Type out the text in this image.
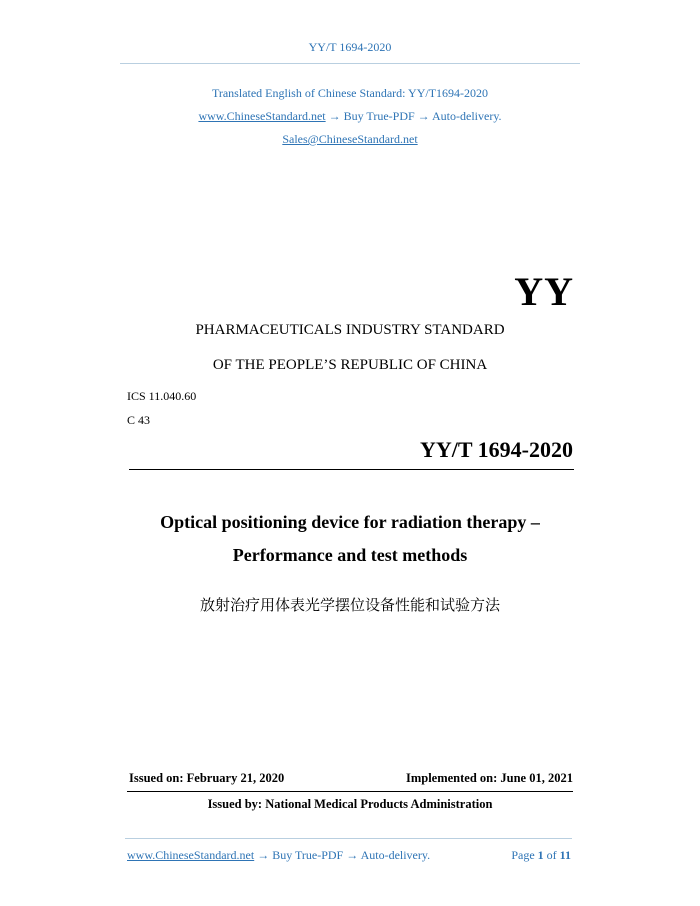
YY/T 1694-2020
Translated English of Chinese Standard: YY/T1694-2020
www.ChineseStandard.net → Buy True-PDF → Auto-delivery.
Sales@ChineseStandard.net
YY
PHARMACEUTICALS INDUSTRY STANDARD
OF THE PEOPLE’S REPUBLIC OF CHINA
ICS 11.040.60
C 43
YY/T 1694-2020
Optical positioning device for radiation therapy –
Performance and test methods
放射治疗用体表光学摆位设备性能和试验方法
Issued on: February 21, 2020	Implemented on: June 01, 2021
Issued by: National Medical Products Administration
www.ChineseStandard.net → Buy True-PDF → Auto-delivery.	Page 1 of 11
